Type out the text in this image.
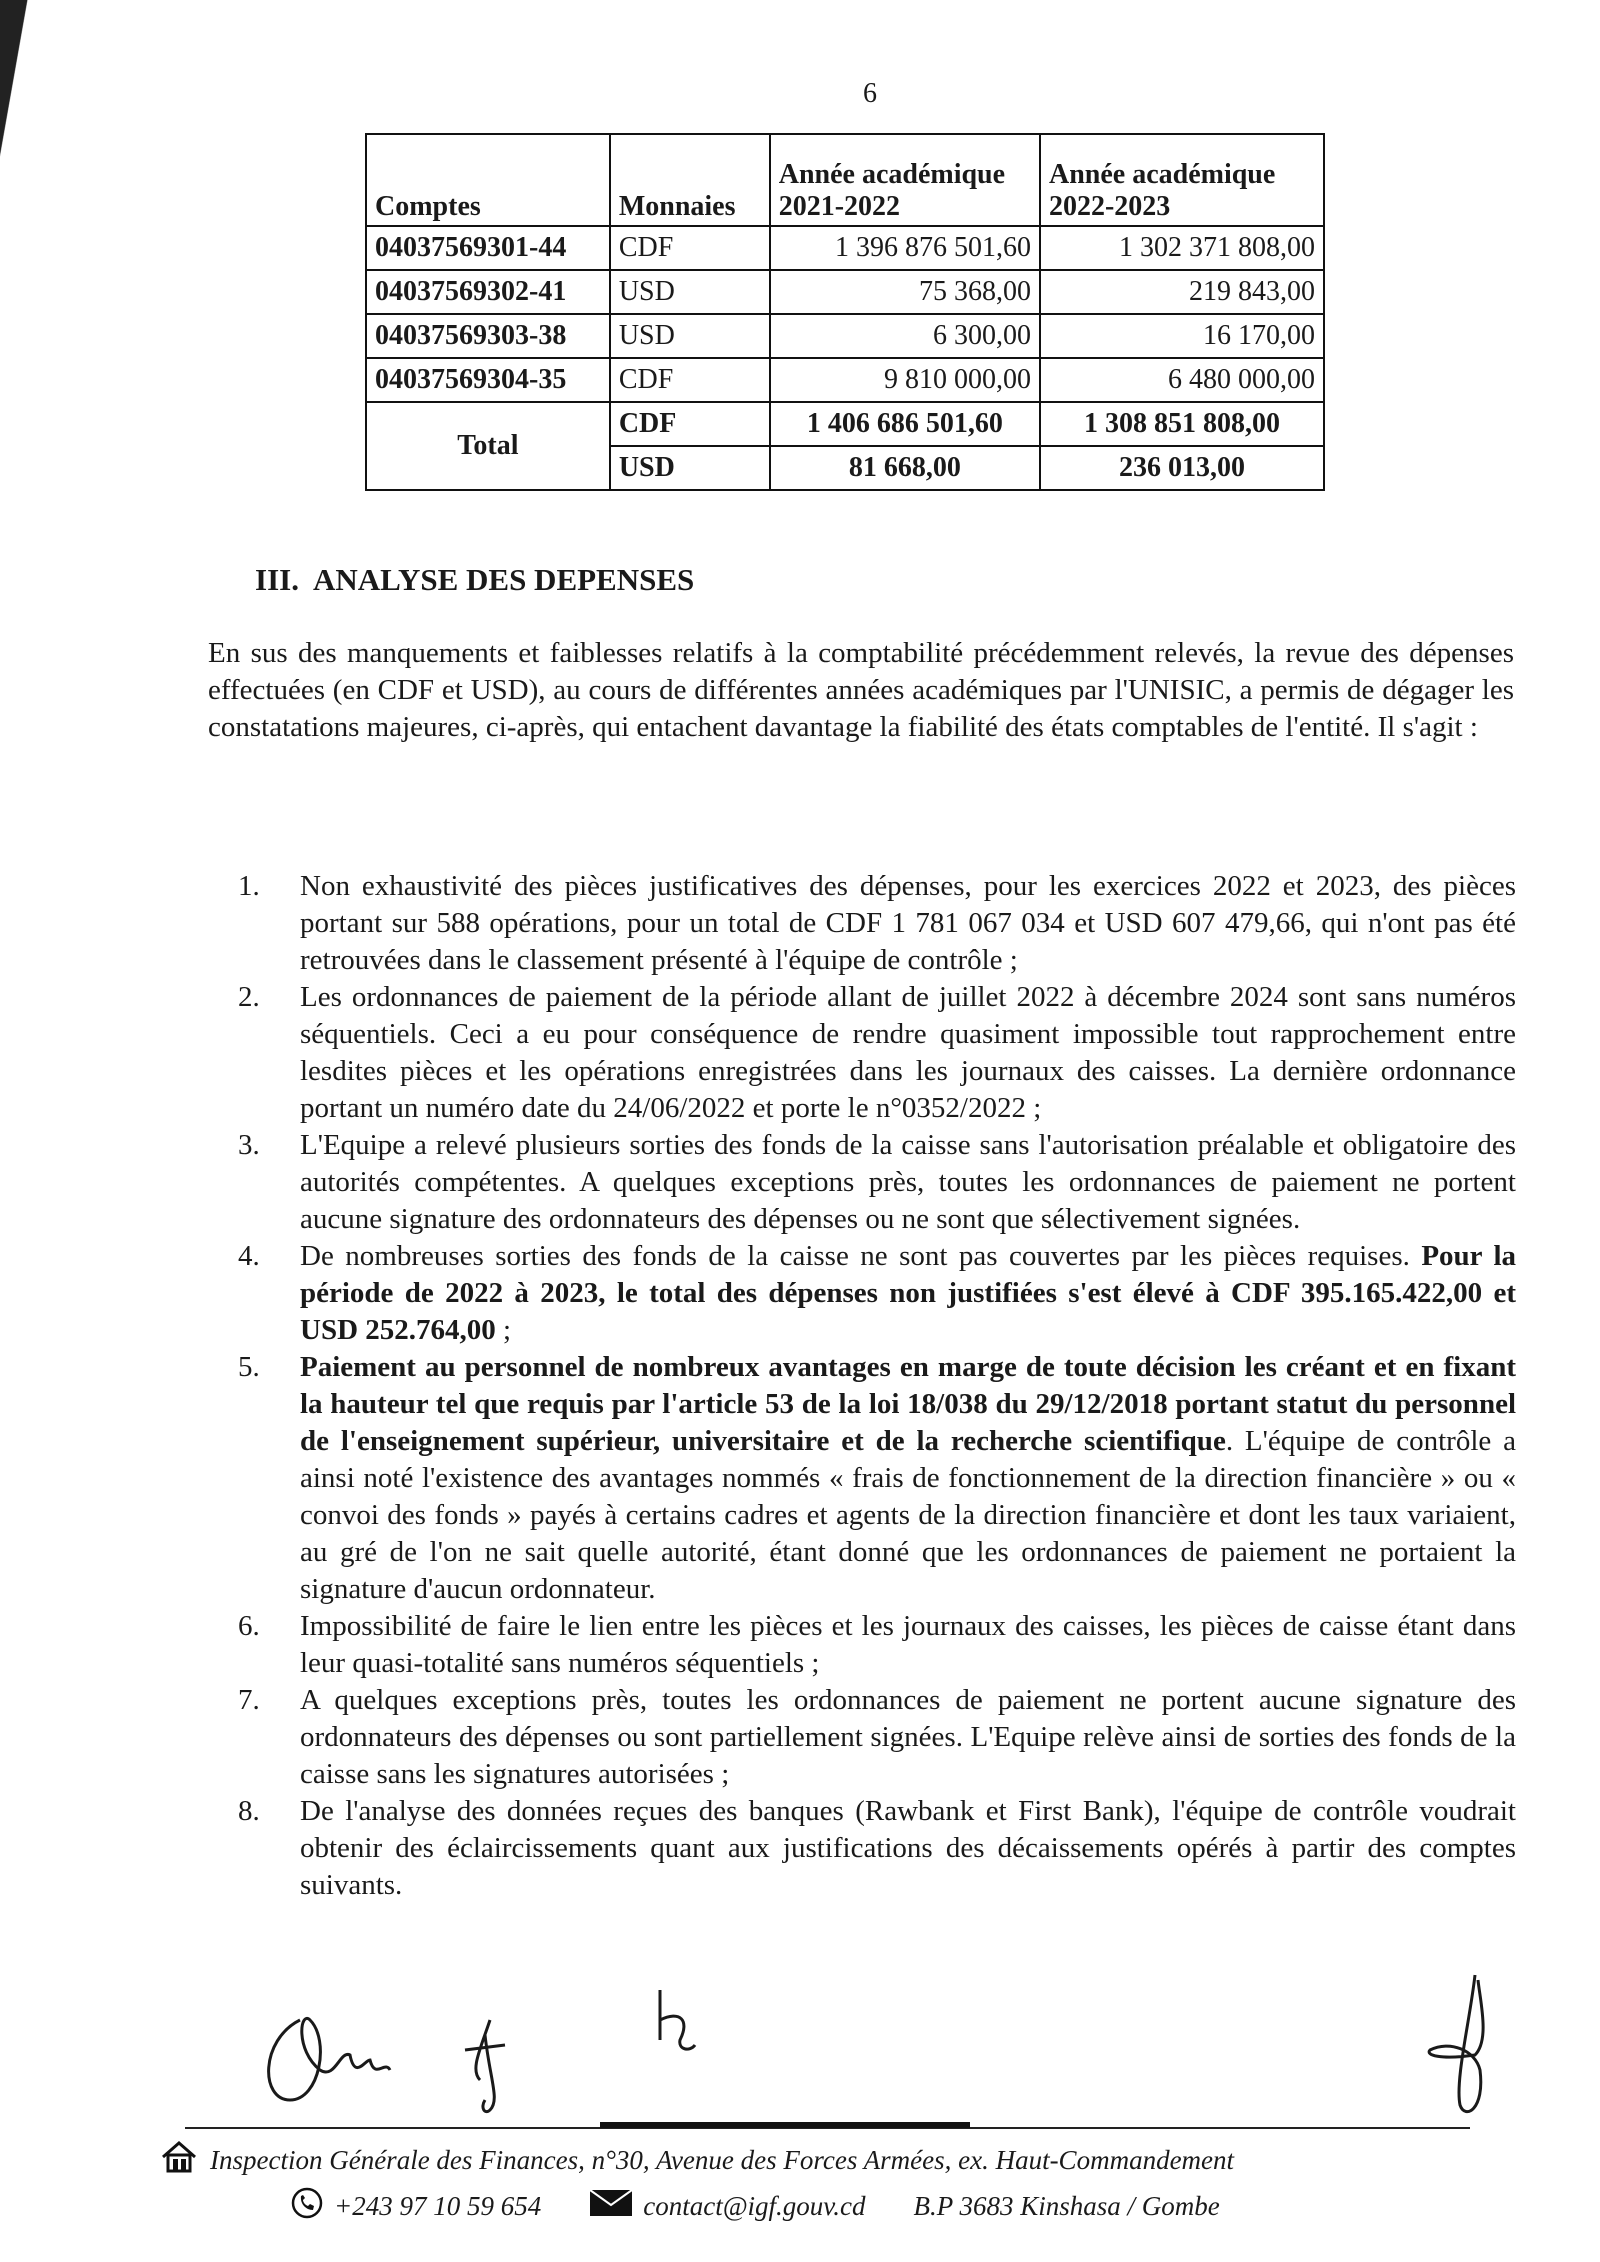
6
Comptes	Monnaies	Année académique 2021-2022	Année académique 2022-2023
04037569301-44	CDF	1 396 876 501,60	1 302 371 808,00
04037569302-41	USD	75 368,00	219 843,00
04037569303-38	USD	6 300,00	16 170,00
04037569304-35	CDF	9 810 000,00	6 480 000,00
Total	CDF	1 406 686 501,60	1 308 851 808,00
	USD	81 668,00	236 013,00
III. ANALYSE DES DEPENSES

En sus des manquements et faiblesses relatifs à la comptabilité précédemment relevés, la revue des dépenses effectuées (en CDF et USD), au cours de différentes années académiques par l'UNISIC, a permis de dégager les constatations majeures, ci-après, qui entachent davantage la fiabilité des états comptables de l'entité. Il s'agit :

1. Non exhaustivité des pièces justificatives des dépenses, pour les exercices 2022 et 2023, des pièces portant sur 588 opérations, pour un total de CDF 1 781 067 034 et USD 607 479,66, qui n'ont pas été retrouvées dans le classement présenté à l'équipe de contrôle ;
2. Les ordonnances de paiement de la période allant de juillet 2022 à décembre 2024 sont sans numéros séquentiels. Ceci a eu pour conséquence de rendre quasiment impossible tout rapprochement entre lesdites pièces et les opérations enregistrées dans les journaux des caisses. La dernière ordonnance portant un numéro date du 24/06/2022 et porte le n°0352/2022 ;
3. L'Equipe a relevé plusieurs sorties des fonds de la caisse sans l'autorisation préalable et obligatoire des autorités compétentes. A quelques exceptions près, toutes les ordonnances de paiement ne portent aucune signature des ordonnateurs des dépenses ou ne sont que sélectivement signées.
4. De nombreuses sorties des fonds de la caisse ne sont pas couvertes par les pièces requises. Pour la période de 2022 à 2023, le total des dépenses non justifiées s'est élevé à CDF 395.165.422,00 et USD 252.764,00 ;
5. Paiement au personnel de nombreux avantages en marge de toute décision les créant et en fixant la hauteur tel que requis par l'article 53 de la loi 18/038 du 29/12/2018 portant statut du personnel de l'enseignement supérieur, universitaire et de la recherche scientifique. L'équipe de contrôle a ainsi noté l'existence des avantages nommés « frais de fonctionnement de la direction financière » ou « convoi des fonds » payés à certains cadres et agents de la direction financière et dont les taux variaient, au gré de l'on ne sait quelle autorité, étant donné que les ordonnances de paiement ne portaient la signature d'aucun ordonnateur.
6. Impossibilité de faire le lien entre les pièces et les journaux des caisses, les pièces de caisse étant dans leur quasi-totalité sans numéros séquentiels ;
7. A quelques exceptions près, toutes les ordonnances de paiement ne portent aucune signature des ordonnateurs des dépenses ou sont partiellement signées. L'Equipe relève ainsi de sorties des fonds de la caisse sans les signatures autorisées ;
8. De l'analyse des données reçues des banques (Rawbank et First Bank), l'équipe de contrôle voudrait obtenir des éclaircissements quant aux justifications des décaissements opérés à partir des comptes suivants.
Inspection Générale des Finances, n°30, Avenue des Forces Armées, ex. Haut-Commandement
+243 97 10 59 654	contact@igf.gouv.cd B.P 3683 Kinshasa / Gombe
